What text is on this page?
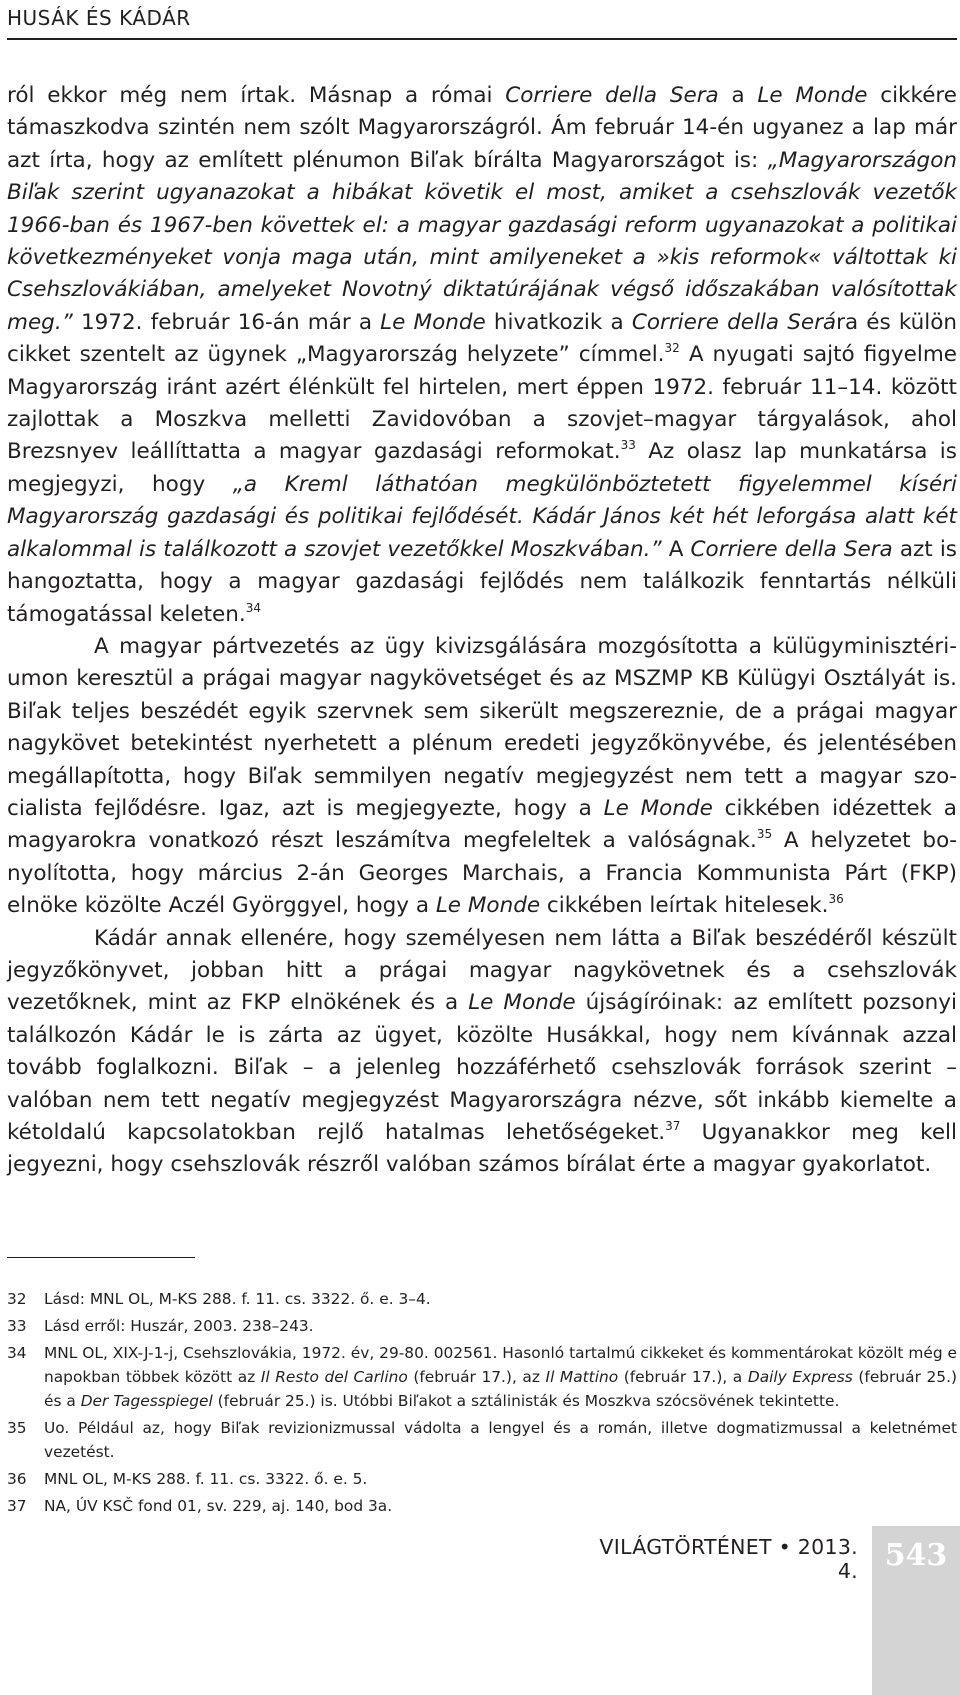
HUSÁK ÉS KÁDÁR

ról ekkor még nem írtak. Másnap a római Corriere della Sera a Le Monde cikkére támaszkodva szintén nem szólt Magyarországról. Ám február 14-én ugyanez a lap már azt írta, hogy az említett plénumon Biľak bírálta Magyarországot is: „Magyarországon Biľak szerint ugyanazokat a hibákat követik el most, amiket a csehszlovák vezetők 1966-ban és 1967-ben követtek el: a magyar gazdasági reform ugyanazokat a politikai következményeket vonja maga után, mint amilyeneket a »kis reformok« váltottak ki Csehszlovákiában, amelyeket Novotný diktatúrájának végső időszakában valósítottak meg.” 1972. február 16-án már a Le Monde hivatkozik a Corriere della Serára és külön cikket szentelt az ügynek „Magyarország helyzete” címmel.$^{32}$ A nyugati sajtó figyelme Magyarország iránt azért élénkült fel hirtelen, mert éppen 1972. február 11–14. között zajlottak a Moszkva melletti Zavidovóban a szovjet–magyar tárgyalások, ahol Brezsnyev leállíttatta a magyar gazdasági reformokat.$^{33}$ Az olasz lap munkatársa is megjegyzi, hogy „a Kreml láthatóan megkülönböztetett figyelemmel kíséri Magyarország gazdasági és politikai fejlődését. Kádár János két hét leforgása alatt két alkalommal is találkozott a szovjet vezetőkkel Moszkvában.” A Corriere della Sera azt is hangoztatta, hogy a magyar gazdasági fejlődés nem találkozik fenntartás nélküli támogatással keleten.$^{34}$

A magyar pártvezetés az ügy kivizsgálására mozgósította a külügyminisztériumon keresztül a prágai magyar nagykövetséget és az MSZMP KB Külügyi Osztályát is. Biľak teljes beszédét egyik szervnek sem sikerült megszereznie, de a prágai magyar nagykövet betekintést nyerhetett a plénum eredeti jegyzőkönyvébe, és jelentésében megállapította, hogy Biľak semmilyen negatív megjegyzést nem tett a magyar szocialista fejlődésre. Igaz, azt is megjegyezte, hogy a Le Monde cikkében idézettek a magyarokra vonatkozó részt leszámítva megfeleltek a valóságnak.$^{35}$ A helyzetet bonyolította, hogy március 2-án Georges Marchais, a Francia Kommunista Párt (FKP) elnöke közölte Aczél Györggyel, hogy a Le Monde cikkében leírtak hitelesek.$^{36}$

Kádár annak ellenére, hogy személyesen nem látta a Biľak beszédéről készült jegyzőkönyvet, jobban hitt a prágai magyar nagykövetnek és a csehszlovák vezetőknek, mint az FKP elnökének és a Le Monde újságíróinak: az említett pozsonyi találkozón Kádár le is zárta az ügyet, közölte Husákkal, hogy nem kívánnak azzal tovább foglalkozni. Biľak – a jelenleg hozzáférhető csehszlovák források szerint – valóban nem tett negatív megjegyzést Magyarországra nézve, sőt inkább kiemelte a kétoldalú kapcsolatokban rejlő hatalmas lehetőségeket.$^{37}$ Ugyanakkor meg kell jegyezni, hogy csehszlovák részről valóban számos bírálat érte a magyar gyakorlatot.

32	Lásd: MNL OL, M-KS 288. f. 11. cs. 3322. ő. e. 3–4.
33	Lásd erről: Huszár, 2003. 238–243.
34	MNL OL, XIX-J-1-j, Csehszlovákia, 1972. év, 29-80. 002561. Hasonló tartalmú cikkeket és kommentárokat közölt még e napokban többek között az Il Resto del Carlino (február 17.), az Il Mattino (február 17.), a Daily Express (február 25.) és a Der Tagesspiegel (február 25.) is. Utóbbi Biľakot a sztálinisták és Moszkva szócsövének tekintette.
35	Uo. Például az, hogy Biľak revizionizmussal vádolta a lengyel és a román, illetve dogmatizmussal a keletnémet vezetést.
36	MNL OL, M-KS 288. f. 11. cs. 3322. ő. e. 5.
37	NA, ÚV KSČ fond 01, sv. 229, aj. 140, bod 3a.
VILÁGTÖRTÉNET • 2013. 4. 543
